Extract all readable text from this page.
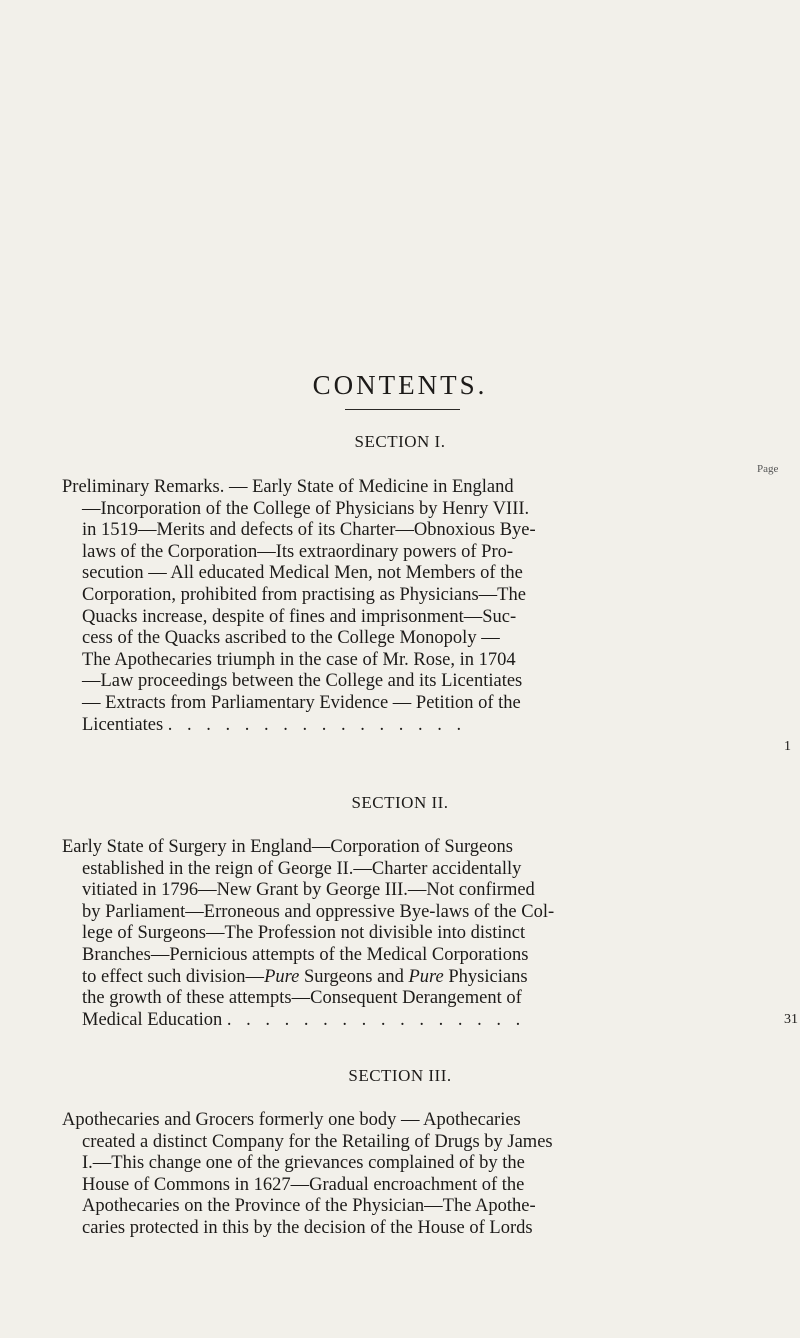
CONTENTS.
SECTION I.
Page
Preliminary Remarks. — Early State of Medicine in England
—Incorporation of the College of Physicians by Henry VIII.
in 1519—Merits and defects of its Charter—Obnoxious Bye-
laws of the Corporation—Its extraordinary powers of Pro-
secution — All educated Medical Men, not Members of the
Corporation, prohibited from practising as Physicians—The
Quacks increase, despite of fines and imprisonment—Suc-
cess of the Quacks ascribed to the College Monopoly —
The Apothecaries triumph in the case of Mr. Rose, in 1704
—Law proceedings between the College and its Licentiates
— Extracts from Parliamentary Evidence — Petition of the
Licentiates . . . . . . . . . . . . . . . .
1
SECTION II.
Early State of Surgery in England—Corporation of Surgeons
established in the reign of George II.—Charter accidentally
vitiated in 1796—New Grant by George III.—Not confirmed
by Parliament—Erroneous and oppressive Bye-laws of the Col-
lege of Surgeons—The Profession not divisible into distinct
Branches—Pernicious attempts of the Medical Corporations
to effect such division—Pure Surgeons and Pure Physicians
the growth of these attempts—Consequent Derangement of
Medical Education . . . . . . . . . . . . . . . .	31
SECTION III.
Apothecaries and Grocers formerly one body — Apothecaries
created a distinct Company for the Retailing of Drugs by James
I.—This change one of the grievances complained of by the
House of Commons in 1627—Gradual encroachment of the
Apothecaries on the Province of the Physician—The Apothe-
caries protected in this by the decision of the House of Lords
